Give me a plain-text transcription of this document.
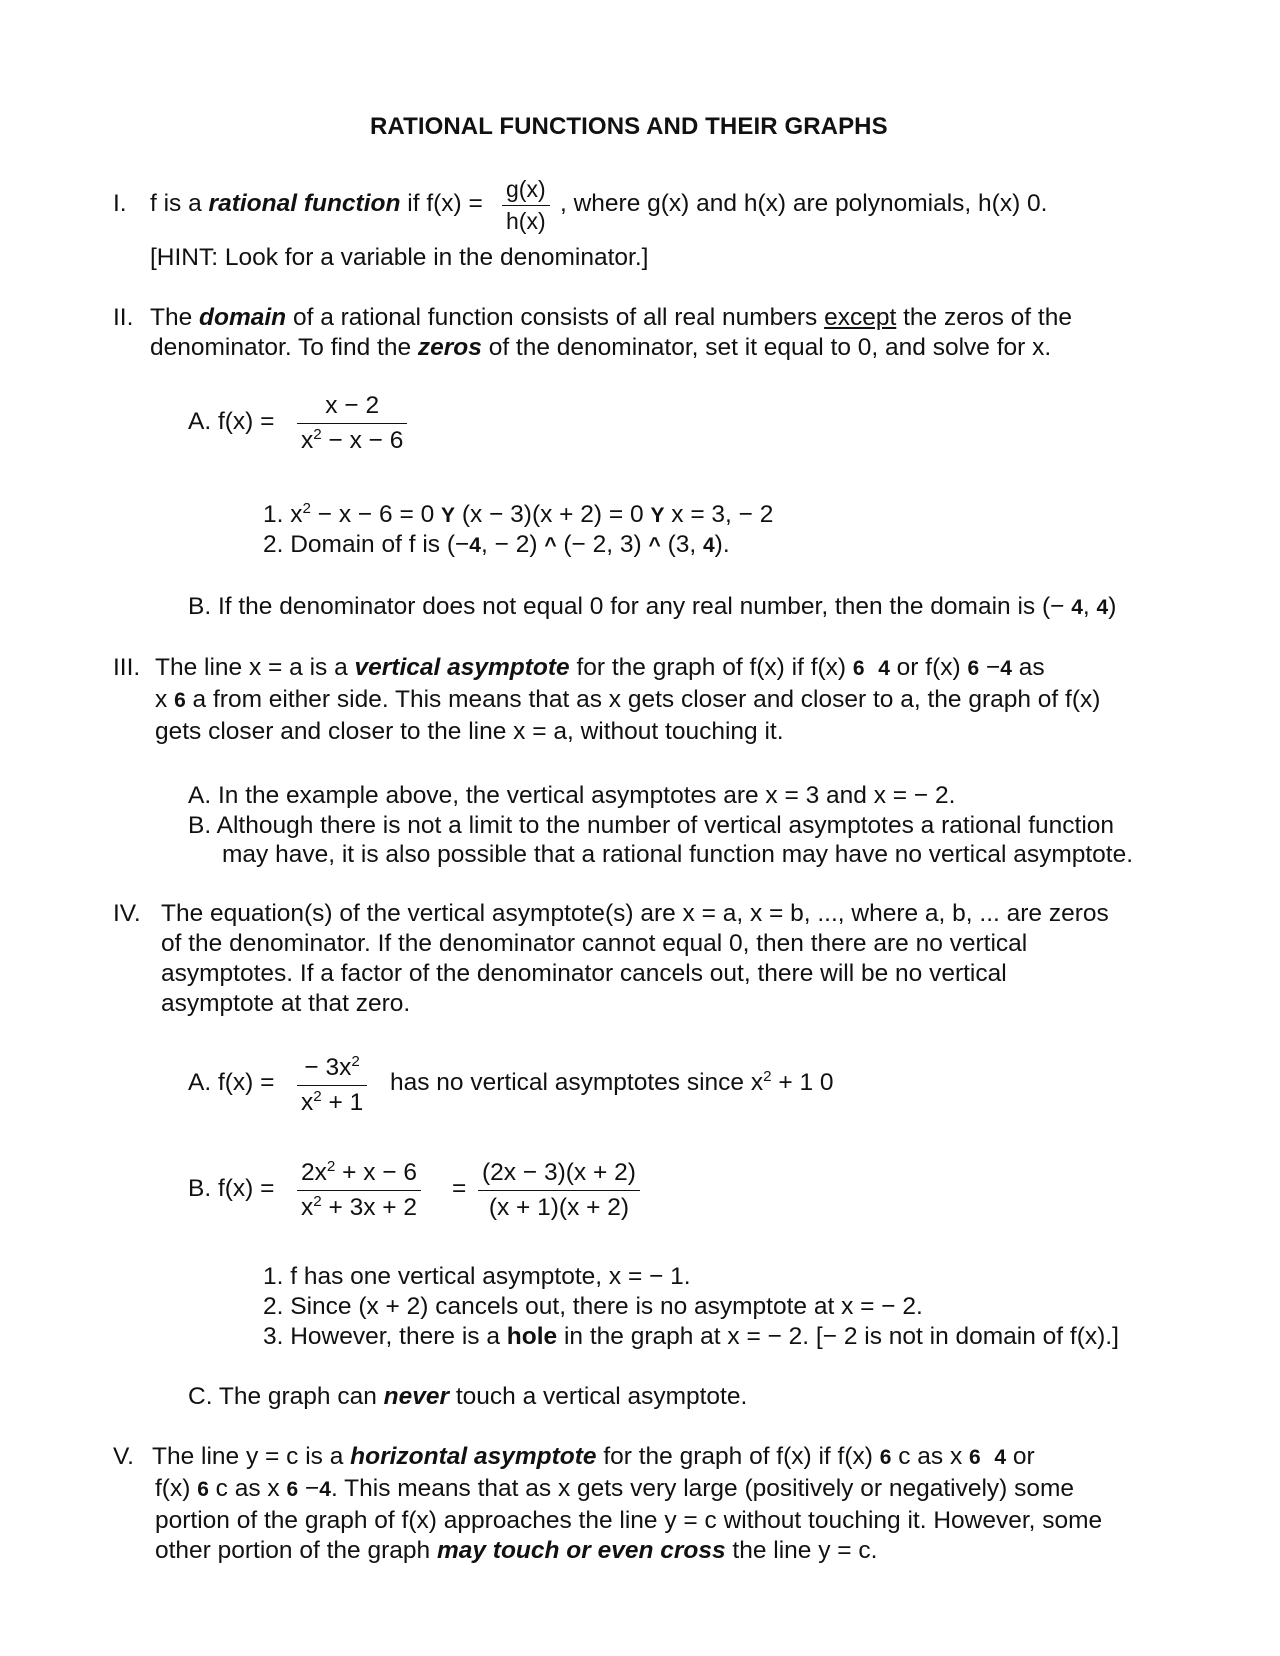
RATIONAL FUNCTIONS AND THEIR GRAPHS
I. f is a rational function if $f(x) = \frac{g(x)}{h(x)}$ , where g(x) and h(x) are polynomials, h(x) 0.
[HINT: Look for a variable in the denominator.]
II. The domain of a rational function consists of all real numbers except the zeros of the
denominator. To find the zeros of the denominator, set it equal to 0, and solve for x.
A. $f(x) = \frac{x - 2}{x^2 - x - 6}$
1. $x^2 - x - 6 = 0$ Y (x − 3)(x + 2) = 0 Y x = 3, − 2
2. Domain of f is (−4, − 2) ^ (− 2, 3) ^ (3, 4).
B. If the denominator does not equal 0 for any real number, then the domain is (− 4, 4)
III. The line x = a is a vertical asymptote for the graph of f(x) if f(x) 6 4 or f(x) 6 −4 as
x 6 a from either side. This means that as x gets closer and closer to a, the graph of f(x)
gets closer and closer to the line x = a, without touching it.
A. In the example above, the vertical asymptotes are x = 3 and x = − 2.
B. Although there is not a limit to the number of vertical asymptotes a rational function
may have, it is also possible that a rational function may have no vertical asymptote.
IV. The equation(s) of the vertical asymptote(s) are x = a, x = b, ..., where a, b, ... are zeros
of the denominator. If the denominator cannot equal 0, then there are no vertical
asymptotes. If a factor of the denominator cancels out, there will be no vertical
asymptote at that zero.
A. $f(x) = \frac{- 3x^2}{x^2 + 1}$ has no vertical asymptotes since $x^2 + 1$ 0
B. $f(x) = \frac{2x^2 + x - 6}{x^2 + 3x + 2} = \frac{(2x - 3)(x + 2)}{(x + 1)(x + 2)}$
1. f has one vertical asymptote, x = − 1.
2. Since (x + 2) cancels out, there is no asymptote at x = − 2.
3. However, there is a hole in the graph at x = − 2. [− 2 is not in domain of f(x).]
C. The graph can never touch a vertical asymptote.
V. The line y = c is a horizontal asymptote for the graph of f(x) if f(x) 6 c as x 6 4 or
f(x) 6 c as x 6 −4. This means that as x gets very large (positively or negatively) some
portion of the graph of f(x) approaches the line y = c without touching it. However, some
other portion of the graph may touch or even cross the line y = c.
